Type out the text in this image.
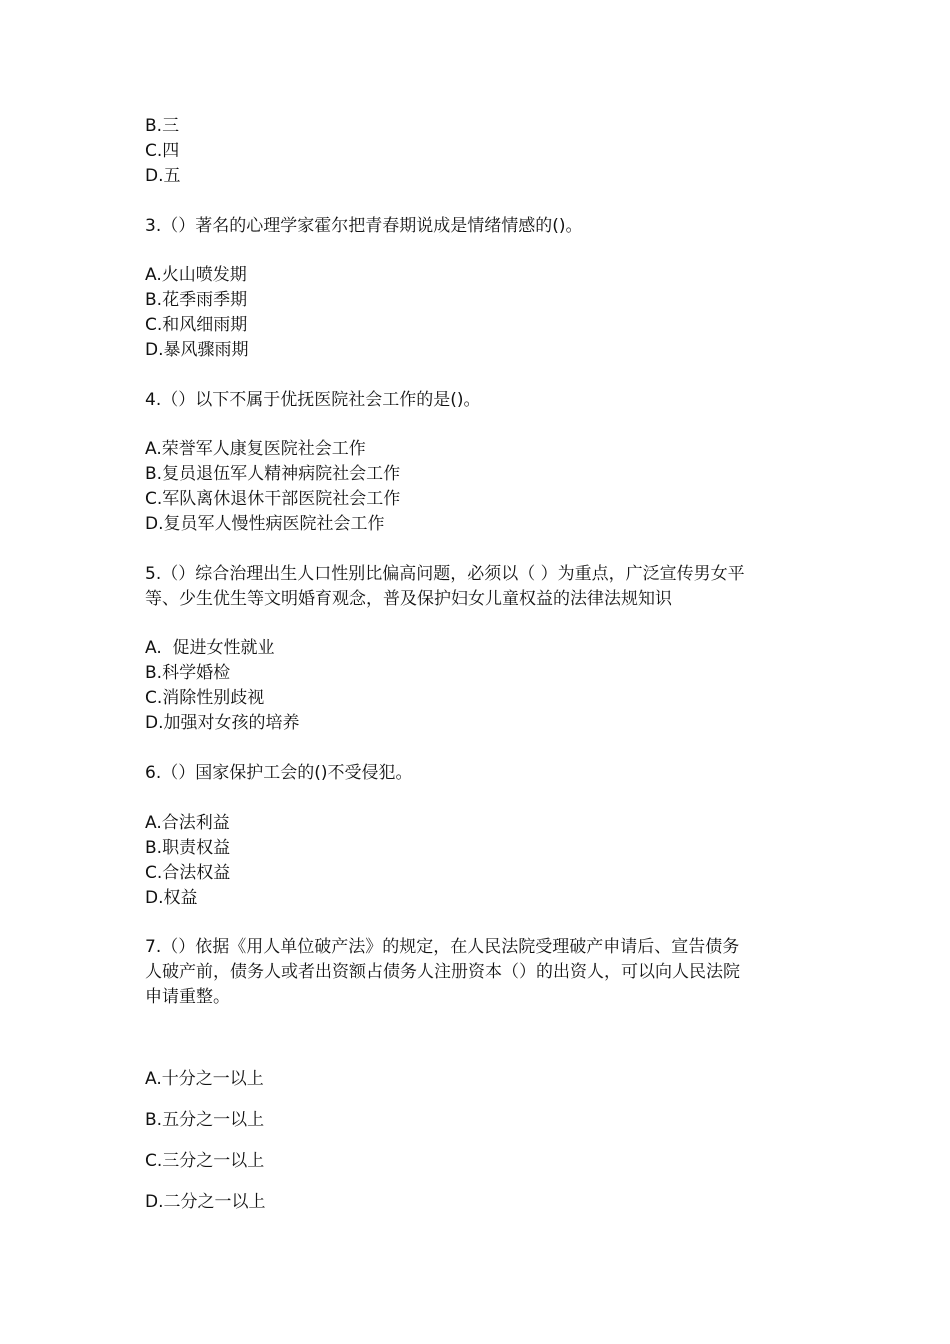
B.三
C.四
D.五
3.（）著名的心理学家霍尔把青春期说成是情绪情感的()。
A.火山喷发期
B.花季雨季期
C.和风细雨期
D.暴风骤雨期
4.（）以下不属于优抚医院社会工作的是()。
A.荣誉军人康复医院社会工作
B.复员退伍军人精神病院社会工作
C.军队离休退休干部医院社会工作
D.复员军人慢性病医院社会工作
5.（）综合治理出生人口性别比偏高问题，必须以（ ）为重点，广泛宣传男女平
等、少生优生等文明婚育观念，普及保护妇女儿童权益的法律法规知识
A.  促进女性就业
B.科学婚检
C.消除性别歧视
D.加强对女孩的培养
6.（）国家保护工会的()不受侵犯。
A.合法利益
B.职责权益
C.合法权益
D.权益
7.（）依据《用人单位破产法》的规定，在人民法院受理破产申请后、宣告债务
人破产前，债务人或者出资额占债务人注册资本（）的出资人，可以向人民法院
申请重整。
A.十分之一以上
B.五分之一以上
C.三分之一以上
D.二分之一以上
